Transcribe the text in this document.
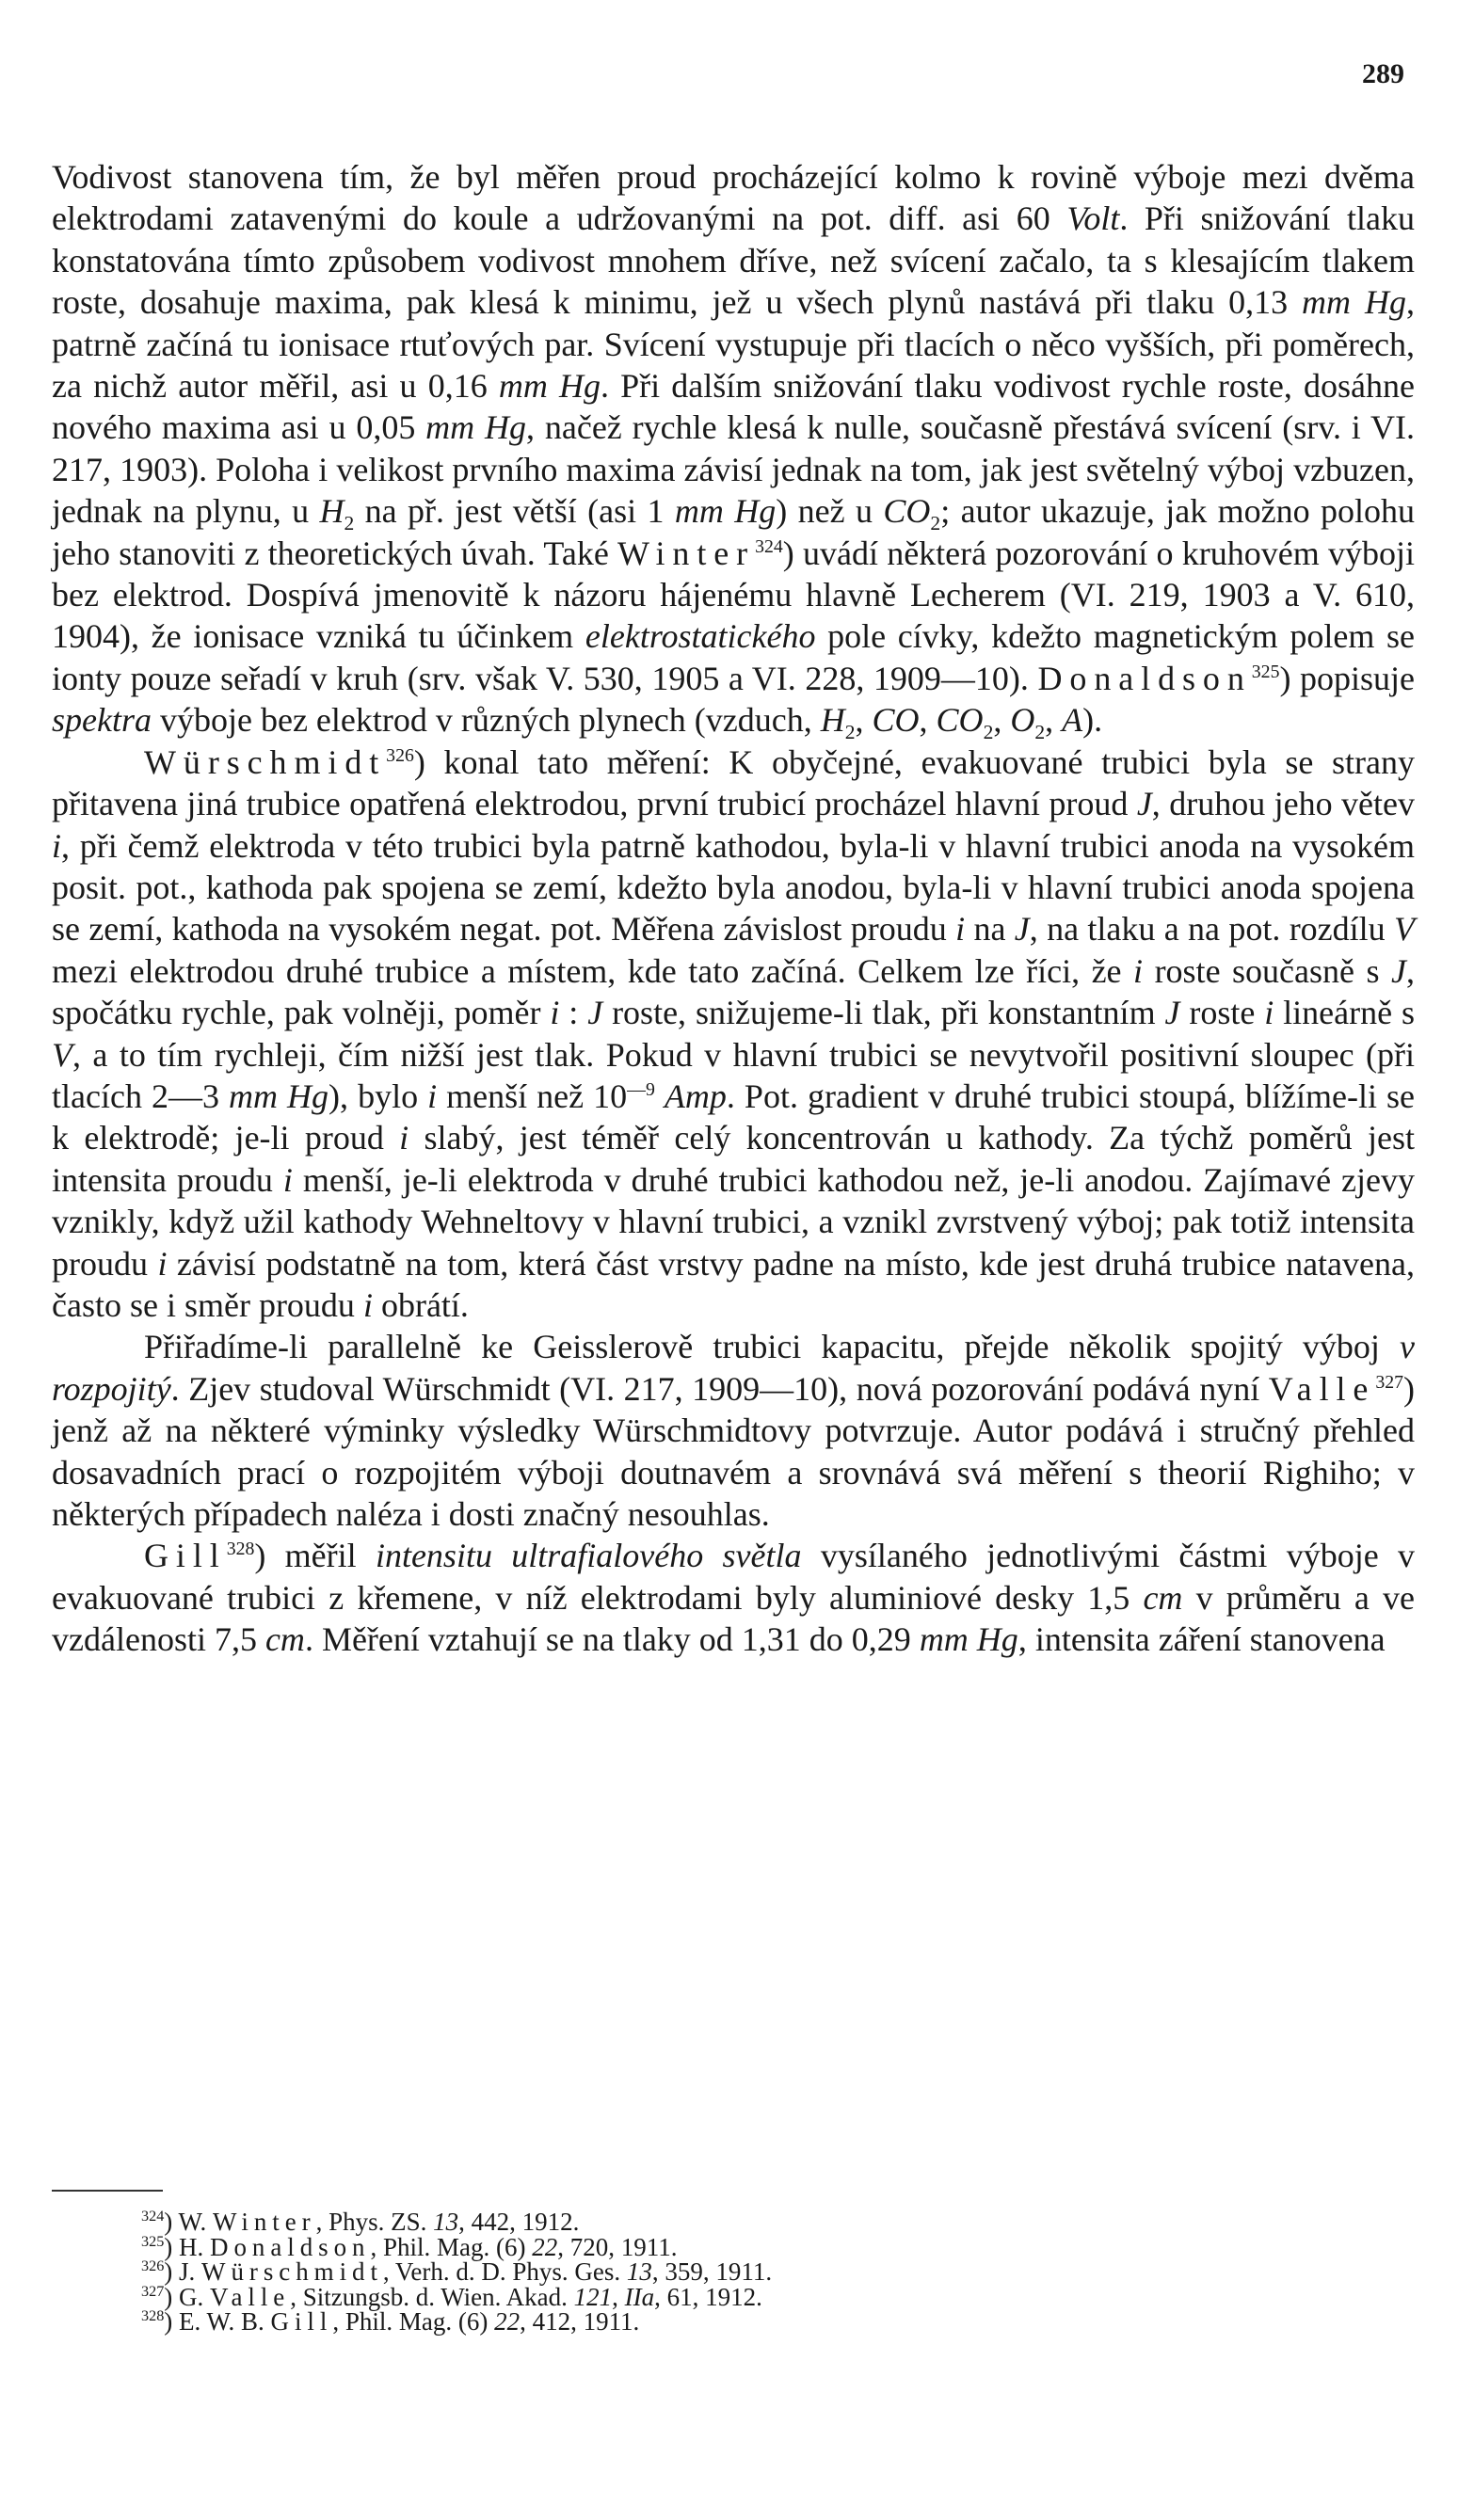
289

Vodivost stanovena tím, že byl měřen proud procházející kolmo k rovině výboje mezi dvěma elektrodami zatavenými do koule a udržovanými na pot. diff. asi 60 Volt. Při snižování tlaku konstatována tímto způsobem vodivost mnohem dříve, než svícení začalo, ta s klesajícím tlakem roste, dosahuje maxima, pak klesá k minimu, jež u všech plynů nastává při tlaku 0,13 mm Hg, patrně začíná tu ionisace rtuťových par. Svícení vystupuje při tlacích o něco vyšších, při poměrech, za nichž autor měřil, asi u 0,16 mm Hg. Při dalším snižování tlaku vodivost rychle roste, dosáhne nového maxima asi u 0,05 mm Hg, načež rychle klesá k nulle, současně přestává svícení (srv. i VI. 217, 1903). Poloha i velikost prvního maxima závisí jednak na tom, jak jest světelný výboj vzbuzen, jednak na plynu, u $H_2$ na př. jest větší (asi 1 mm Hg) než u $CO_2$; autor ukazuje, jak možno polohu jeho stanoviti z theoretických úvah. Také Winter$^{324}$) uvádí některá pozorování o kruhovém výboji bez elektrod. Dospívá jmenovitě k názoru hájenému hlavně Lecherem (VI. 219, 1903 a V. 610, 1904), že ionisace vzniká tu účinkem elektrostatického pole cívky, kdežto magnetickým polem se ionty pouze seřadí v kruh (srv. však V. 530, 1905 a VI. 228, 1909—10). Donaldson$^{325}$) popisuje spektra výboje bez elektrod v různých plynech (vzduch, $H_2$, CO, $CO_2$, $O_2$, A).

Würschmidt$^{326}$) konal tato měření: K obyčejné, evakuované trubici byla se strany přitavena jiná trubice opatřená elektrodou, první trubicí procházel hlavní proud J, druhou jeho větev i, při čemž elektroda v této trubici byla patrně kathodou, byla-li v hlavní trubici anoda na vysokém posit. pot., kathoda pak spojena se zemí, kdežto byla anodou, byla-li v hlavní trubici anoda spojena se zemí, kathoda na vysokém negat. pot. Měřena závislost proudu i na J, na tlaku a na pot. rozdílu V mezi elektrodou druhé trubice a místem, kde tato začíná. Celkem lze říci, že i roste současně s J, spočátku rychle, pak volněji, poměr i : J roste, snižujeme-li tlak, při konstantním J roste i lineárně s V, a to tím rychleji, čím nižší jest tlak. Pokud v hlavní trubici se nevytvořil positivní sloupec (při tlacích 2—3 mm Hg), bylo i menší než $10^{—9}$ Amp. Pot. gradient v druhé trubici stoupá, blížíme-li se k elektrodě; je-li proud i slabý, jest téměř celý koncentrován u kathody. Za týchž poměrů jest intensita proudu i menší, je-li elektroda v druhé trubici kathodou než, je-li anodou. Zajímavé zjevy vznikly, když užil kathody Wehneltovy v hlavní trubici, a vznikl zvrstvený výboj; pak totiž intensita proudu i závisí podstatně na tom, která část vrstvy padne na místo, kde jest druhá trubice natavena, často se i směr proudu i obrátí.

Přiřadíme-li parallelně ke Geisslerově trubici kapacitu, přejde několik spojitý výboj v rozpojitý. Zjev studoval Würschmidt (VI. 217, 1909—10), nová pozorování podává nyní Valle$^{327}$) jenž až na některé výminky výsledky Würschmidtovy potvrzuje. Autor podává i stručný přehled dosavadních prací o rozpojitém výboji doutnavém a srovnává svá měření s theorií Righiho; v některých případech naléza i dosti značný nesouhlas.

Gill$^{328}$) měřil intensitu ultrafialového světla vysílaného jednotlivými částmi výboje v evakuované trubici z křemene, v níž elektrodami byly aluminiové desky 1,5 cm v průměru a ve vzdálenosti 7,5 cm. Měření vztahují se na tlaky od 1,31 do 0,29 mm Hg, intensita záření stanovena

$^{324}$) W. Winter, Phys. ZS. 13, 442, 1912.

$^{325}$) H. Donaldson, Phil. Mag. (6) 22, 720, 1911.

$^{326}$) J. Würschmidt, Verh. d. D. Phys. Ges. 13, 359, 1911.

$^{327}$) G. Valle, Sitzungsb. d. Wien. Akad. 121, IIa, 61, 1912.

$^{328}$) E. W. B. Gill, Phil. Mag. (6) 22, 412, 1911.
